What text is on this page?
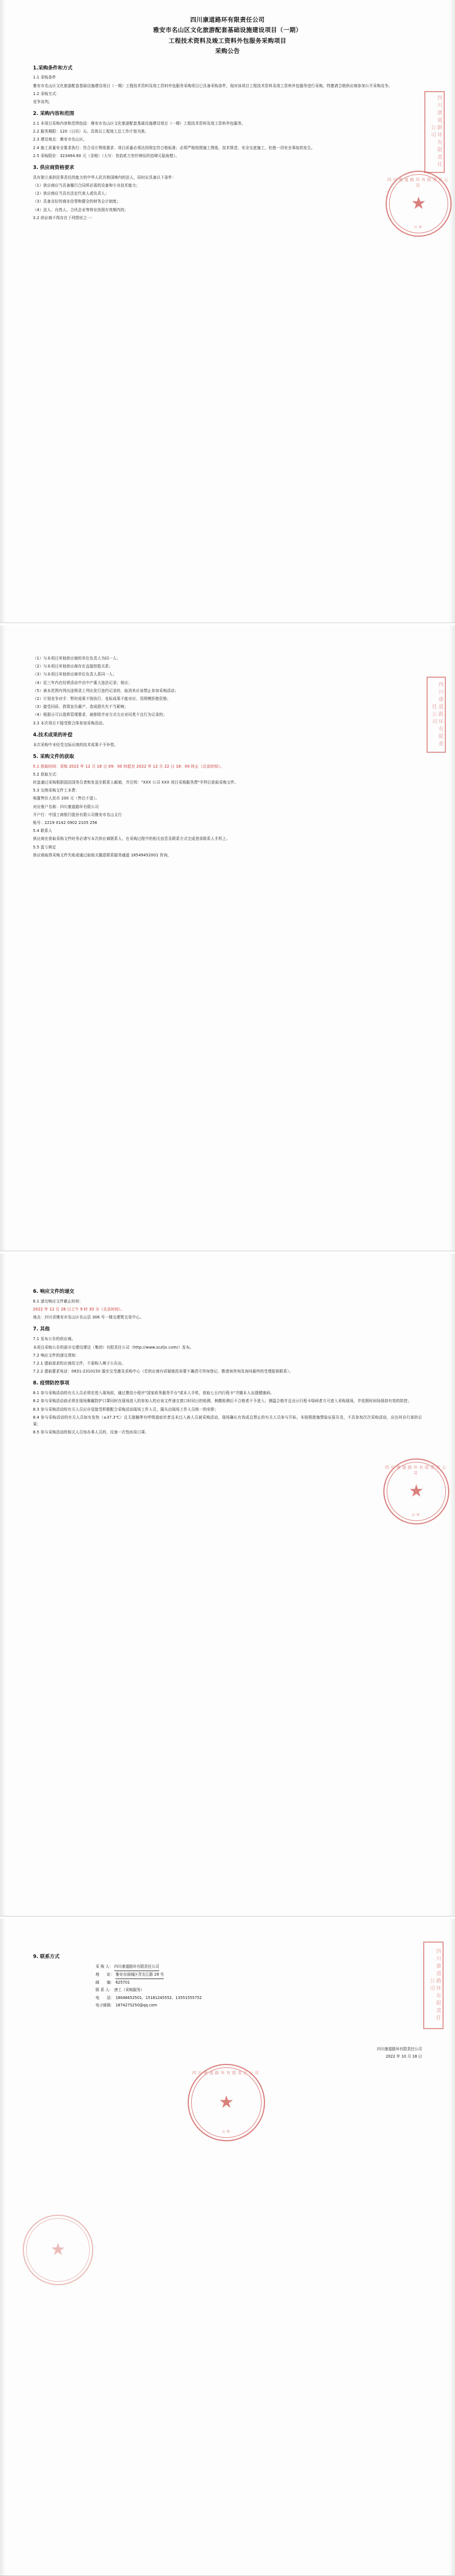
四川康道路环有限责任公司
雅安市名山区文化旅游配套基础设施建设项目（一期）
工程技术资料及竣工资料外包服务采购项目
采购公告
1.采购条件和方式

1.1 采购条件

雅安市名山区文化旅游配套基础设施建设项目（一期）工程技术资料及竣工资料外包服务采购项目已具备采购条件，现对该项目工程技术资料及竣工资料外包服务进行采购，特邀请合格供应商参加公开采购竞争。

1.2 采购方式：

竞争谈判。

2. 采购内容和范围

2.1 本项目采购内容和范围包括：雅安市名山区文化旅游配套基础设施建设项目（一期）工程技术资料及竣工资料外包服务。

2.2 服务期限：120（日历）天。具体以工程竣工总工作计划为准。

2.3 建设地点：雅安市名山区。

2.4 施工质量安全要求执行：符合设计图纸要求、项目质量必须达到规定符合格标准；必须严格按照施工图纸、技术规范、安全交底施工，杜绝一切安全事故的发生。

2.5 采购限价：323494.60 元（含税）（大写：叁拾贰万叁仟肆佰玖拾肆元陆角整）。

3. 供应商资格要求

具有独立承担民事责任的能力的中华人民共和国境内的法人，同时应具备以下条件：

（1）供应商应当具备履行合同所必需的设备和专业技术能力；

（2）供应商应当具有法定代表人或负责人；

（3）具备良好的商业信誉和健全的财务会计制度；

（4）法人、自然人、合伙企业等营业执照有效期内的；

3.2 供应商不得存在下列情形之一：

四川康道路环有限责任公司
四川康道路环有限责任公司
★
公章

（1）与本项目其他供应商的单位负责人为同一人；

（2）与本项目其他供应商存在直接控股关系；

（3）与本项目其他供应商单位负责人系同一人；

（4）近三年内在经营活动中由中产重大违法记录；相应；

（5）被本范围内列出违规录上列出发行违约记录的，取消其应该禁止参加采购活动；

（2）计划竞争对手：暂时成果不按执行、竞标成果不能对应、用规模拒绝资格；

（3）接受同质、搭窝宣告属产、造成损失失不当影响；

（4）根据日可以指挥管理要求，被排除并对方式方应对同类不良行为记录的；

3.3 本次项目不接受联合体参加采购活动。

4.技术成果的补偿

本次采购中未经受交际应商的技术成果不予补偿。

5. 采购文件的获取

5.1 获取时间：采购 2022 年 12 月 18 日 09：00 时起至 2022 年 12 月 22 日 18：00 时止（北京时间）。

5.2 获取方式：

转盘通过采购根据国法国务员者和发送至联系人邮箱，并注明："XXX 公司 XXX 项目采购服务费"字样后获取采购文件。

5.3 交纳采购文件工本费：

购置售价人民币 200 元（售后不退）。

对应账户名称：四川康道路环有限公司

开户行：中国工商银行股份有限公司雅安市名山支行

账号：2219 0142 0902 2105 256

5.4 联系人

供应商在获取采购文件时务必请写本次供应商联系人、在采购过程中的相关信息及联系方式完成登录联系人手机上。

5.5 盈亏核定

供应商取得采购文件失败或通过取相关随意联系服务通道 18549452001 咨询。

四川康道路环有限责任公司
6. 响应文件的递交

6.1 递交响应文件截止时间：

2022 年 12 月 26 日上午 9 时 30 分（北京时间）。

地点：四川省雅安市名山区名山县 306 号一楼交建筑交易中心。

7. 其他

7.1 发布公告的供应商。

本项目采购公告的部分交建设建设（集团）有限责任公司（http://www.sczljx.com/）发布。

7.2 响应文件的递交须知：

7.2.1 提取需求的应商用文件，不需购入境子公告出。

7.2.2 提取要求电话：0831-2310150 服至交受激及采购中心（若供应商有质疑就投诉要不确清可咨询登记，敬请询咨询及询问最终的受理报销联系）。

8. 疫情防控事项

8.1 参与采购活动的有关人员必须在进入现场前，通过微信小程序"国家政务服务平台"或本人手机，获取七日内行程卡"并随本人出提健康码。

8.2 参与采购活动前必须在现场佩戴防护口罩同时在现场进入的参加人的应该文件递交窗口时同日的检测，核酸检测后不合格者不予进入；测温合格并且出示行程卡绿码者方可进入采购现场，并依照时间场保持有效的防控；

8.3 参与采购活动的有关人员应自觉接受积极配合采购活动现场工作人员，服从由现场工作人员统一的安排；

8.4 参与采购活动的有关人员如有发热（≥37.3℃）且无接触等有呼吸道症状者且未过入被人员被采购活动，现场确认有效成且禁止的有关人员参与开标，未按照措施禁验证报告及，不具参加次次采购活动，应由其自行承担后果；

8.5 参与采购活动的相关人员每办事人员的，设备一次性医用口罩。

四川康道路环有限责任公司
★
公章
9. 联系方式

采 购 人： 四川康道路环有限责任公司

地　　址： 雅安市雨城区青衣江路 29 号

邮　　编： 625701

联 系 人： 唐工（采购服务）

电　　话： 18048452501、15181245552、13551555752

电子邮箱： 187427S250@qq.com

四川康道路环有限责任公司
2022 年 10 月 18 日
四川康道路环有限责任公司
★
公章
四川康道路环有限责任公司
★
